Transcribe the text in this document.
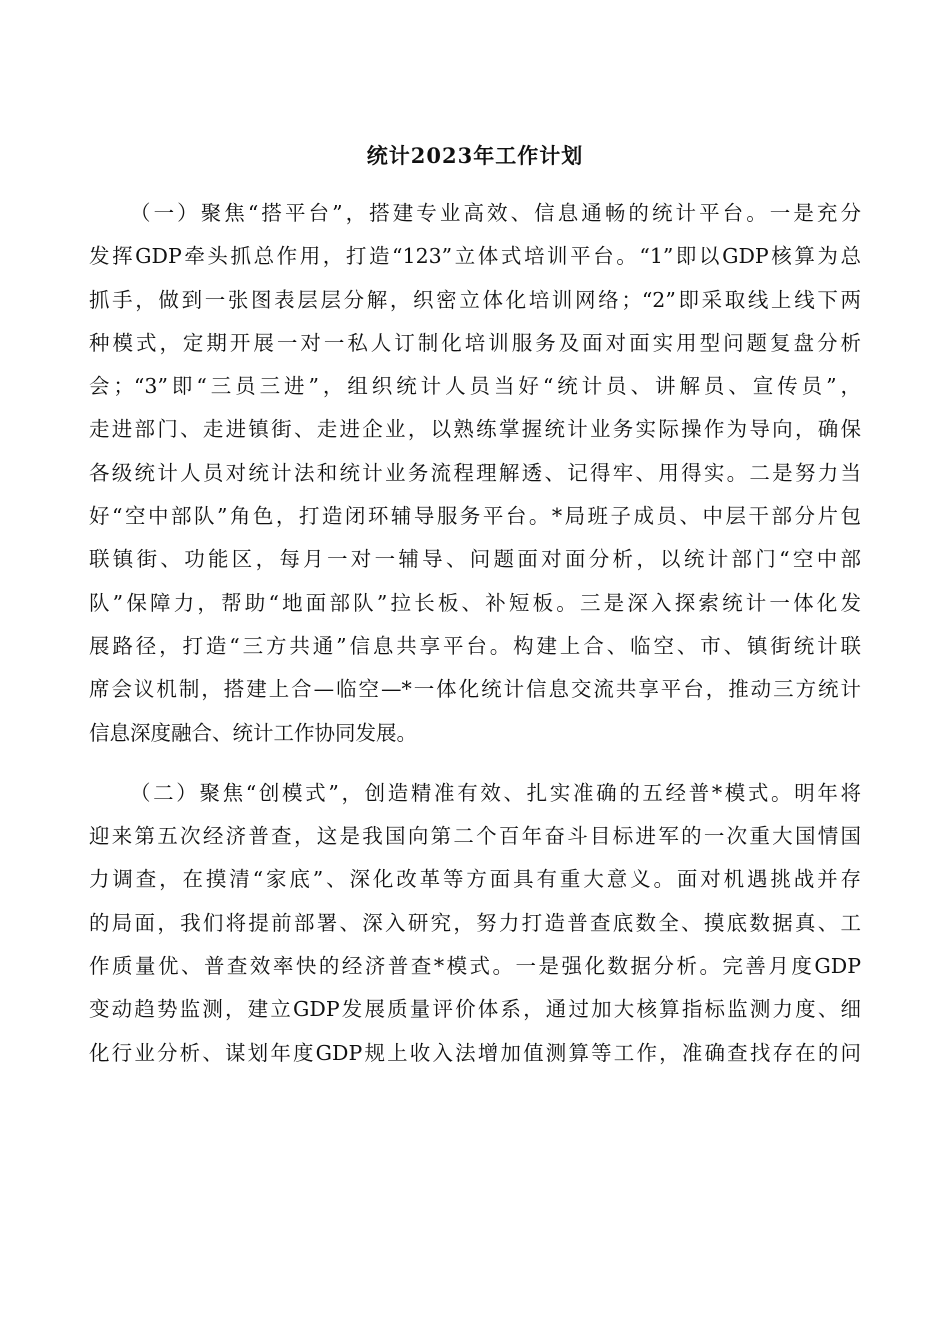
统计2023年工作计划
（一）聚焦“搭平台”，搭建专业高效、信息通畅的统计平台。一是充分
发挥GDP牵头抓总作用，打造“123”立体式培训平台。“1”即以GDP核算为总
抓手，做到一张图表层层分解，织密立体化培训网络；“2”即采取线上线下两
种模式，定期开展一对一私人订制化培训服务及面对面实用型问题复盘分析
会；“3”即“三员三进”，组织统计人员当好“统计员、讲解员、宣传员”，
走进部门、走进镇街、走进企业，以熟练掌握统计业务实际操作为导向，确保
各级统计人员对统计法和统计业务流程理解透、记得牢、用得实。二是努力当
好“空中部队”角色，打造闭环辅导服务平台。*局班子成员、中层干部分片包
联镇街、功能区，每月一对一辅导、问题面对面分析，以统计部门“空中部
队”保障力，帮助“地面部队”拉长板、补短板。三是深入探索统计一体化发
展路径，打造“三方共通”信息共享平台。构建上合、临空、市、镇街统计联
席会议机制，搭建上合—临空—*一体化统计信息交流共享平台，推动三方统计
信息深度融合、统计工作协同发展。
（二）聚焦“创模式”，创造精准有效、扎实准确的五经普*模式。明年将
迎来第五次经济普查，这是我国向第二个百年奋斗目标进军的一次重大国情国
力调查，在摸清“家底”、深化改革等方面具有重大意义。面对机遇挑战并存
的局面，我们将提前部署、深入研究，努力打造普查底数全、摸底数据真、工
作质量优、普查效率快的经济普查*模式。一是强化数据分析。完善月度GDP
变动趋势监测，建立GDP发展质量评价体系，通过加大核算指标监测力度、细
化行业分析、谋划年度GDP规上收入法增加值测算等工作，准确查找存在的问
